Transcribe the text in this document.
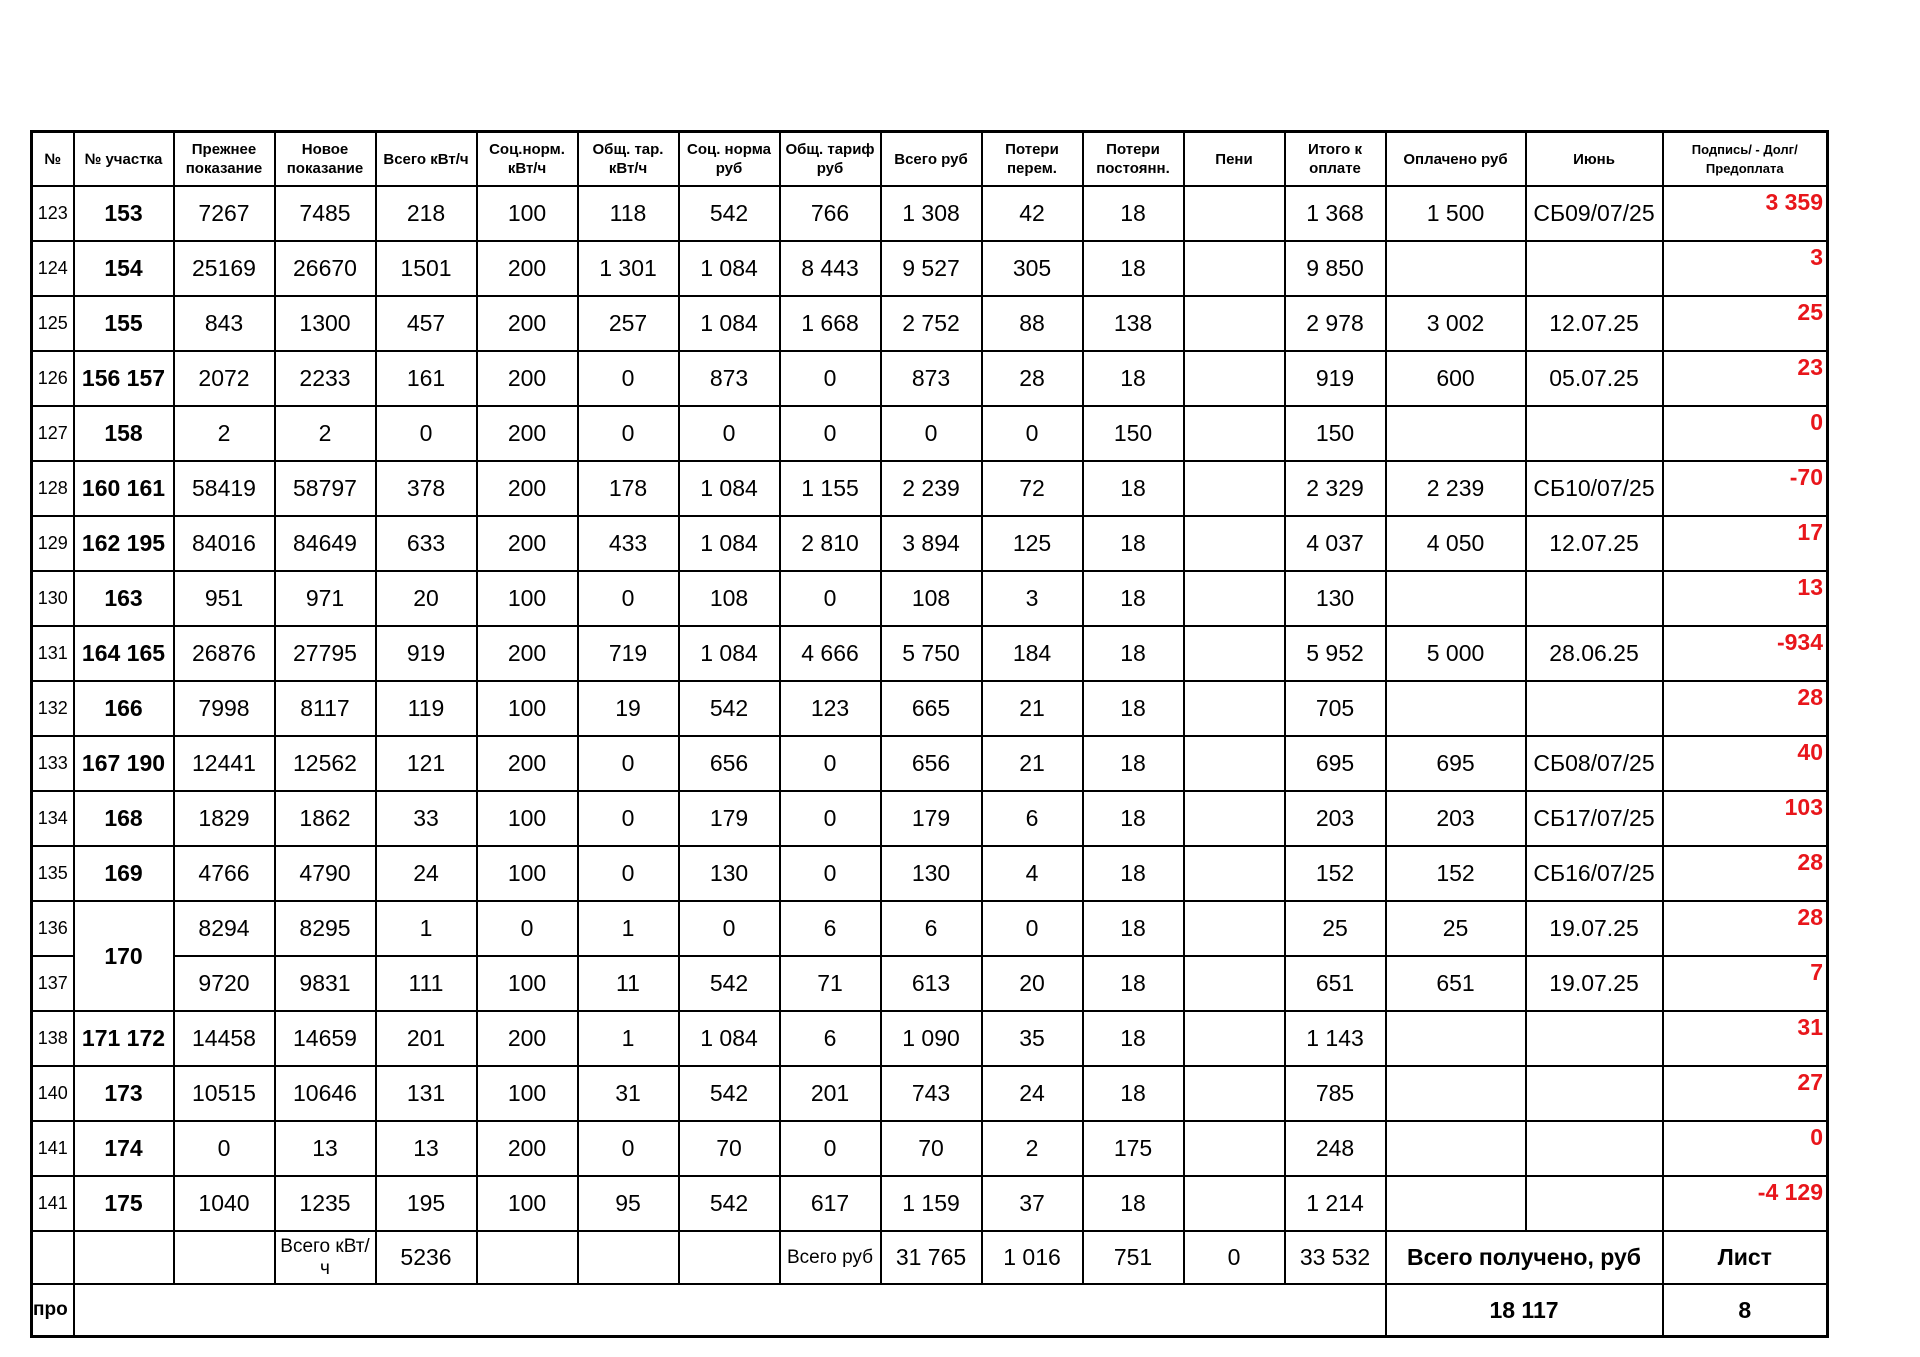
№	№ участка	Прежнее показание	Новое показание	Всего кВт/ч	Соц.норм. кВт/ч	Общ. тар. кВт/ч	Соц. норма руб	Общ. тариф руб	Всего руб	Потери перем.	Потери постоянн.	Пени	Итого к оплате	Оплачено руб	Июнь	Подпись/ - Долг/Предоплата
123	153	7267	7485	218	100	118	542	766	1 308	42	18		1 368	1 500	СБ09/07/25	3 359
124	154	25169	26670	1501	200	1 301	1 084	8 443	9 527	305	18		9 850			3
125	155	843	1300	457	200	257	1 084	1 668	2 752	88	138		2 978	3 002	12.07.25	25
126	156 157	2072	2233	161	200	0	873	0	873	28	18		919	600	05.07.25	23
127	158	2	2	0	200	0	0	0	0	0	150		150			0
128	160 161	58419	58797	378	200	178	1 084	1 155	2 239	72	18		2 329	2 239	СБ10/07/25	-70
129	162 195	84016	84649	633	200	433	1 084	2 810	3 894	125	18		4 037	4 050	12.07.25	17
130	163	951	971	20	100	0	108	0	108	3	18		130			13
131	164 165	26876	27795	919	200	719	1 084	4 666	5 750	184	18		5 952	5 000	28.06.25	-934
132	166	7998	8117	119	100	19	542	123	665	21	18		705			28
133	167 190	12441	12562	121	200	0	656	0	656	21	18		695	695	СБ08/07/25	40
134	168	1829	1862	33	100	0	179	0	179	6	18		203	203	СБ17/07/25	103
135	169	4766	4790	24	100	0	130	0	130	4	18		152	152	СБ16/07/25	28
136	170	8294	8295	1	0	1	0	6	6	0	18		25	25	19.07.25	28
137		9720	9831	111	100	11	542	71	613	20	18		651	651	19.07.25	7
138	171 172	14458	14659	201	200	1	1 084	6	1 090	35	18		1 143			31
140	173	10515	10646	131	100	31	542	201	743	24	18		785			27
141	174	0	13	13	200	0	70	0	70	2	175		248			0
141	175	1040	1235	195	100	95	542	617	1 159	37	18		1 214			-4 129
			Всего кВт/ч	5236				Всего руб	31 765	1 016	751	0	33 532	Всего получено, руб		Лист
про														18 117		8
